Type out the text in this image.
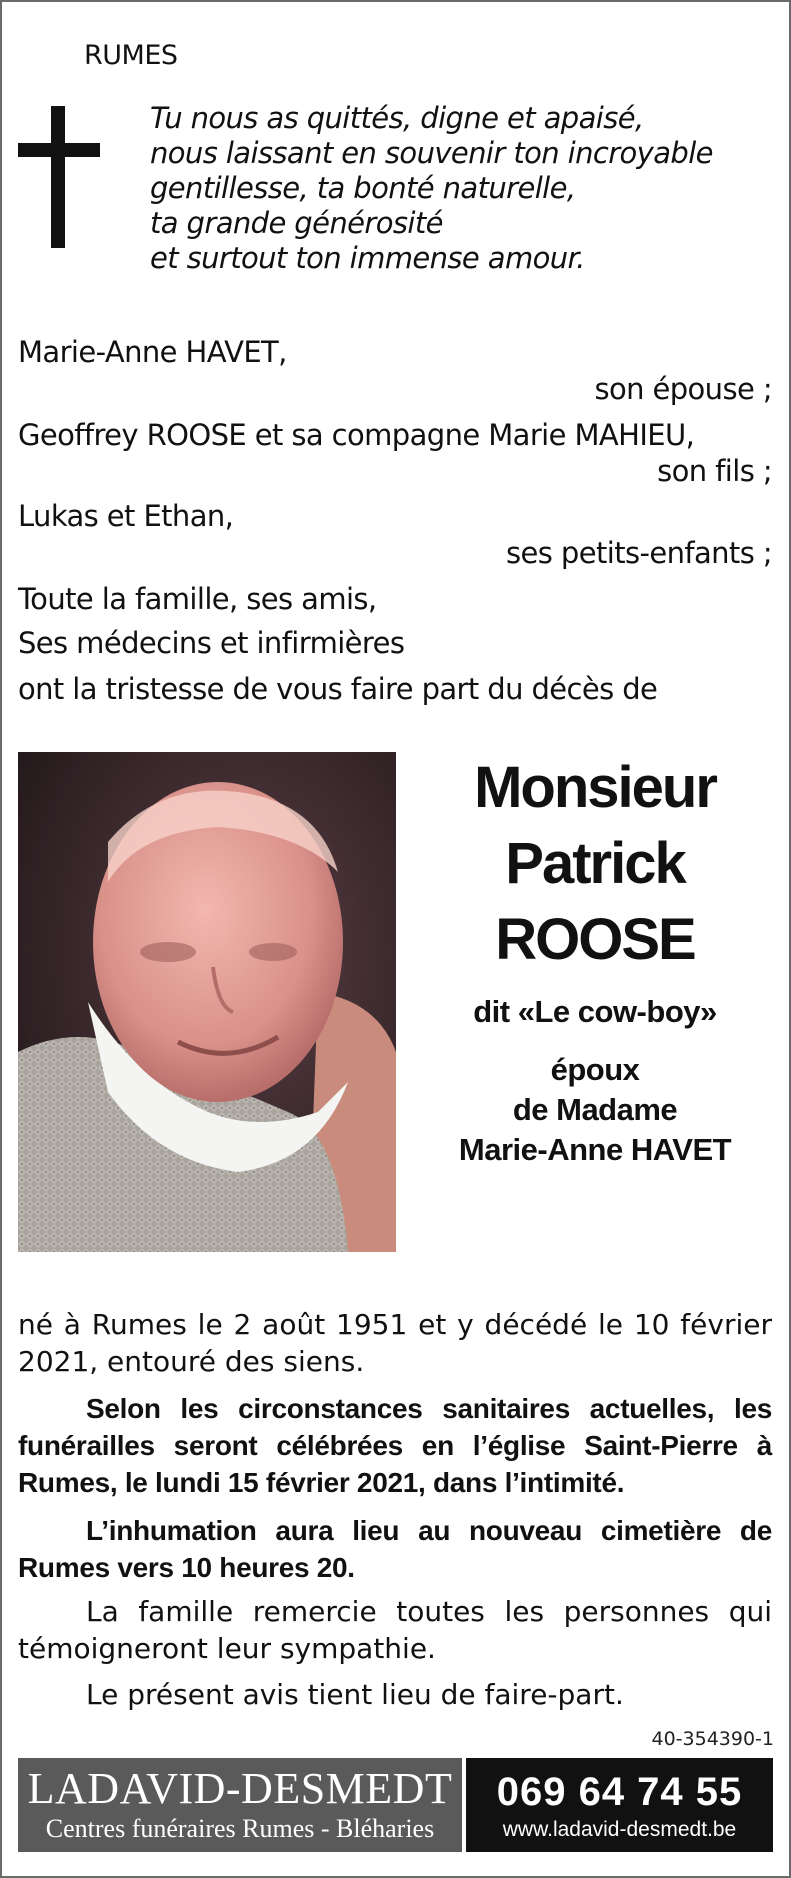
RUMES
Tu nous as quittés, digne et apaisé,
nous laissant en souvenir ton incroyable
gentillesse, ta bonté naturelle,
ta grande générosité
et surtout ton immense amour.
Marie-Anne HAVET,
son épouse ;
Geoffrey ROOSE et sa compagne Marie MAHIEU,
son fils ;
Lukas et Ethan,
ses petits-enfants ;
Toute la famille, ses amis,
Ses médecins et infirmières
ont la tristesse de vous faire part du décès de
Monsieur
Patrick
ROOSE
dit «Le cow-boy»
époux
de Madame
Marie-Anne HAVET
né à Rumes le 2 août 1951 et y décédé le 10 février 2021, entouré des siens.
Selon les circonstances sanitaires actuelles, les funérailles seront célébrées en l’église Saint-Pierre à Rumes, le lundi 15 février 2021, dans l’intimité.
L’inhumation aura lieu au nouveau cimetière de Rumes vers 10 heures 20.
La famille remercie toutes les personnes qui témoigneront leur sympathie.
Le présent avis tient lieu de faire-part.
40-354390-1
LADAVID-DESMEDT
Centres funéraires Rumes - Bléharies
069 64 74 55
www.ladavid-desmedt.be
